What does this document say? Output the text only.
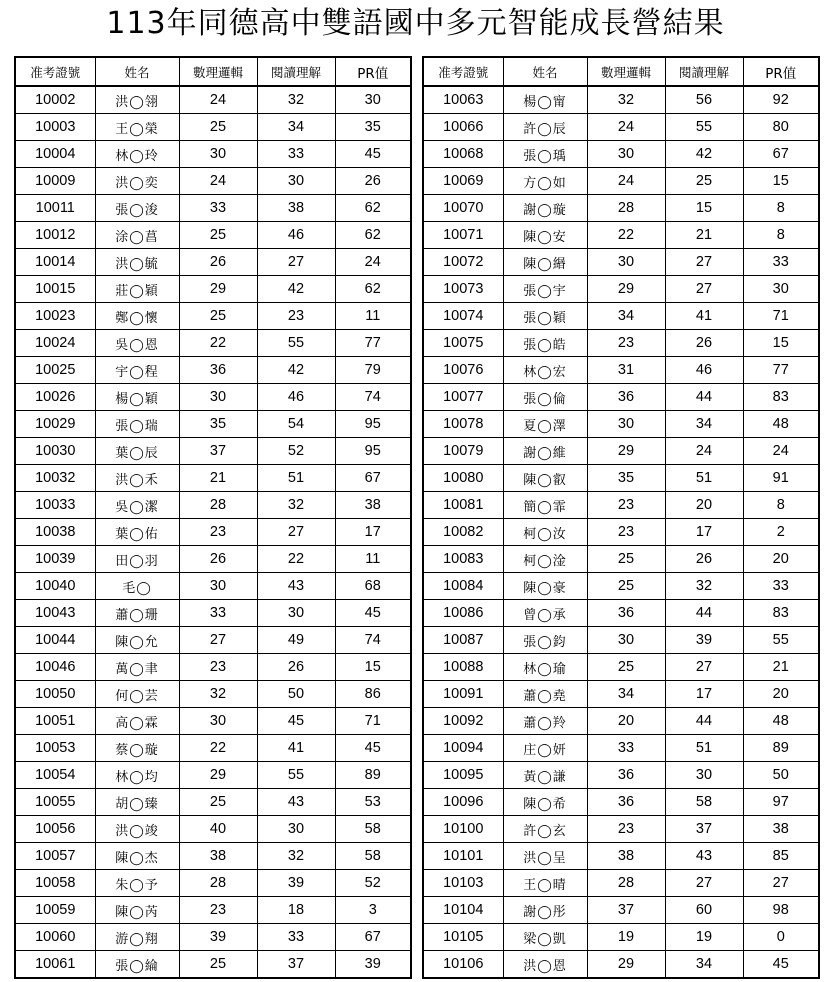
113年同德高中雙語國中多元智能成長營結果
准考證號	姓名	數理邏輯	閱讀理解	PR值
10002	洪◯翎	24	32	30
10003	王◯榮	25	34	35
10004	林◯玲	30	33	45
10009	洪◯奕	24	30	26
10011	張◯浚	33	38	62
10012	涂◯菖	25	46	62
10014	洪◯毓	26	27	24
10015	莊◯穎	29	42	62
10023	鄭◯懷	25	23	11
10024	吳◯恩	22	55	77
10025	宇◯程	36	42	79
10026	楊◯穎	30	46	74
10029	張◯瑞	35	54	95
10030	葉◯辰	37	52	95
10032	洪◯禾	21	51	67
10033	吳◯潔	28	32	38
10038	葉◯佑	23	27	17
10039	田◯羽	26	22	11
10040	毛◯	30	43	68
10043	蕭◯珊	33	30	45
10044	陳◯允	27	49	74
10046	萬◯聿	23	26	15
10050	何◯芸	32	50	86
10051	高◯霖	30	45	71
10053	蔡◯璇	22	41	45
10054	林◯均	29	55	89
10055	胡◯臻	25	43	53
10056	洪◯竣	40	30	58
10057	陳◯杰	38	32	58
10058	朱◯予	28	39	52
10059	陳◯芮	23	18	3
10060	游◯翔	39	33	67
10061	張◯綸	25	37	39
准考證號	姓名	數理邏輯	閱讀理解	PR值
10063	楊◯甯	32	56	92
10066	許◯辰	24	55	80
10068	張◯瑀	30	42	67
10069	方◯如	24	25	15
10070	謝◯璇	28	15	8
10071	陳◯安	22	21	8
10072	陳◯緡	30	27	33
10073	張◯宇	29	27	30
10074	張◯穎	34	41	71
10075	張◯皓	23	26	15
10076	林◯宏	31	46	77
10077	張◯倫	36	44	83
10078	夏◯澤	30	34	48
10079	謝◯維	29	24	24
10080	陳◯叡	35	51	91
10081	簡◯霏	23	20	8
10082	柯◯汝	23	17	2
10083	柯◯淦	25	26	20
10084	陳◯豪	25	32	33
10086	曾◯承	36	44	83
10087	張◯鈞	30	39	55
10088	林◯瑜	25	27	21
10091	蕭◯堯	34	17	20
10092	蕭◯羚	20	44	48
10094	庄◯妍	33	51	89
10095	黃◯謙	36	30	50
10096	陳◯希	36	58	97
10100	許◯玄	23	37	38
10101	洪◯呈	38	43	85
10103	王◯晴	28	27	27
10104	謝◯彤	37	60	98
10105	梁◯凱	19	19	0
10106	洪◯恩	29	34	45
